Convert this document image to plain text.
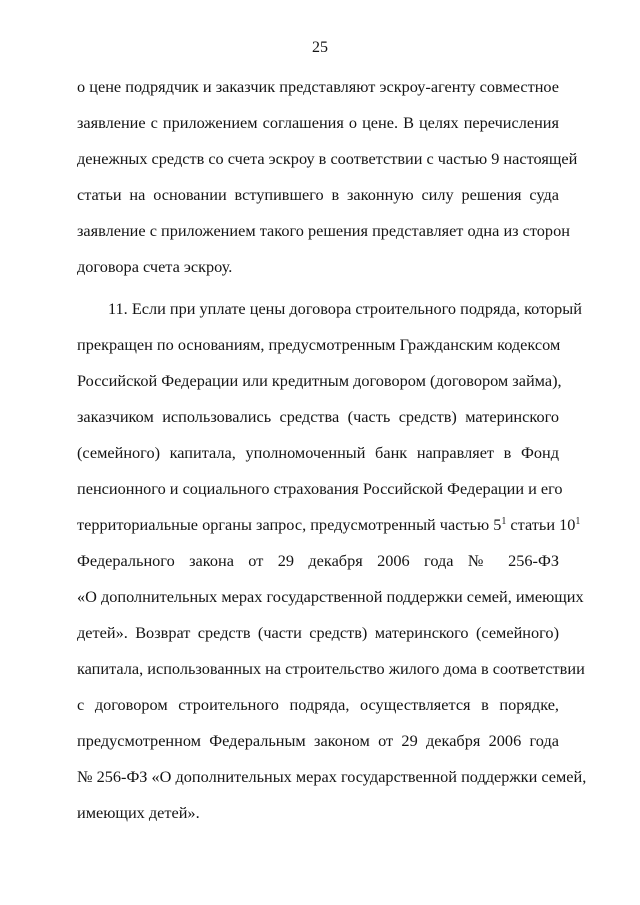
25
о цене подрядчик и заказчик представляют эскроу-агенту совместное
заявление с приложением соглашения о цене. В целях перечисления
денежных средств со счета эскроу в соответствии с частью 9 настоящей
статьи на основании вступившего в законную силу решения суда
заявление с приложением такого решения представляет одна из сторон
договора счета эскроу.
11. Если при уплате цены договора строительного подряда, который
прекращен по основаниям, предусмотренным Гражданским кодексом
Российской Федерации или кредитным договором (договором займа),
заказчиком использовались средства (часть средств) материнского
(семейного) капитала, уполномоченный банк направляет в Фонд
пенсионного и социального страхования Российской Федерации и его
территориальные органы запрос, предусмотренный частью $5^1$ статьи $10^1$
Федерального закона от 29 декабря 2006 года № 256-ФЗ
«О дополнительных мерах государственной поддержки семей, имеющих
детей». Возврат средств (части средств) материнского (семейного)
капитала, использованных на строительство жилого дома в соответствии
с договором строительного подряда, осуществляется в порядке,
предусмотренном Федеральным законом от 29 декабря 2006 года
№ 256-ФЗ «О дополнительных мерах государственной поддержки семей,
имеющих детей».
